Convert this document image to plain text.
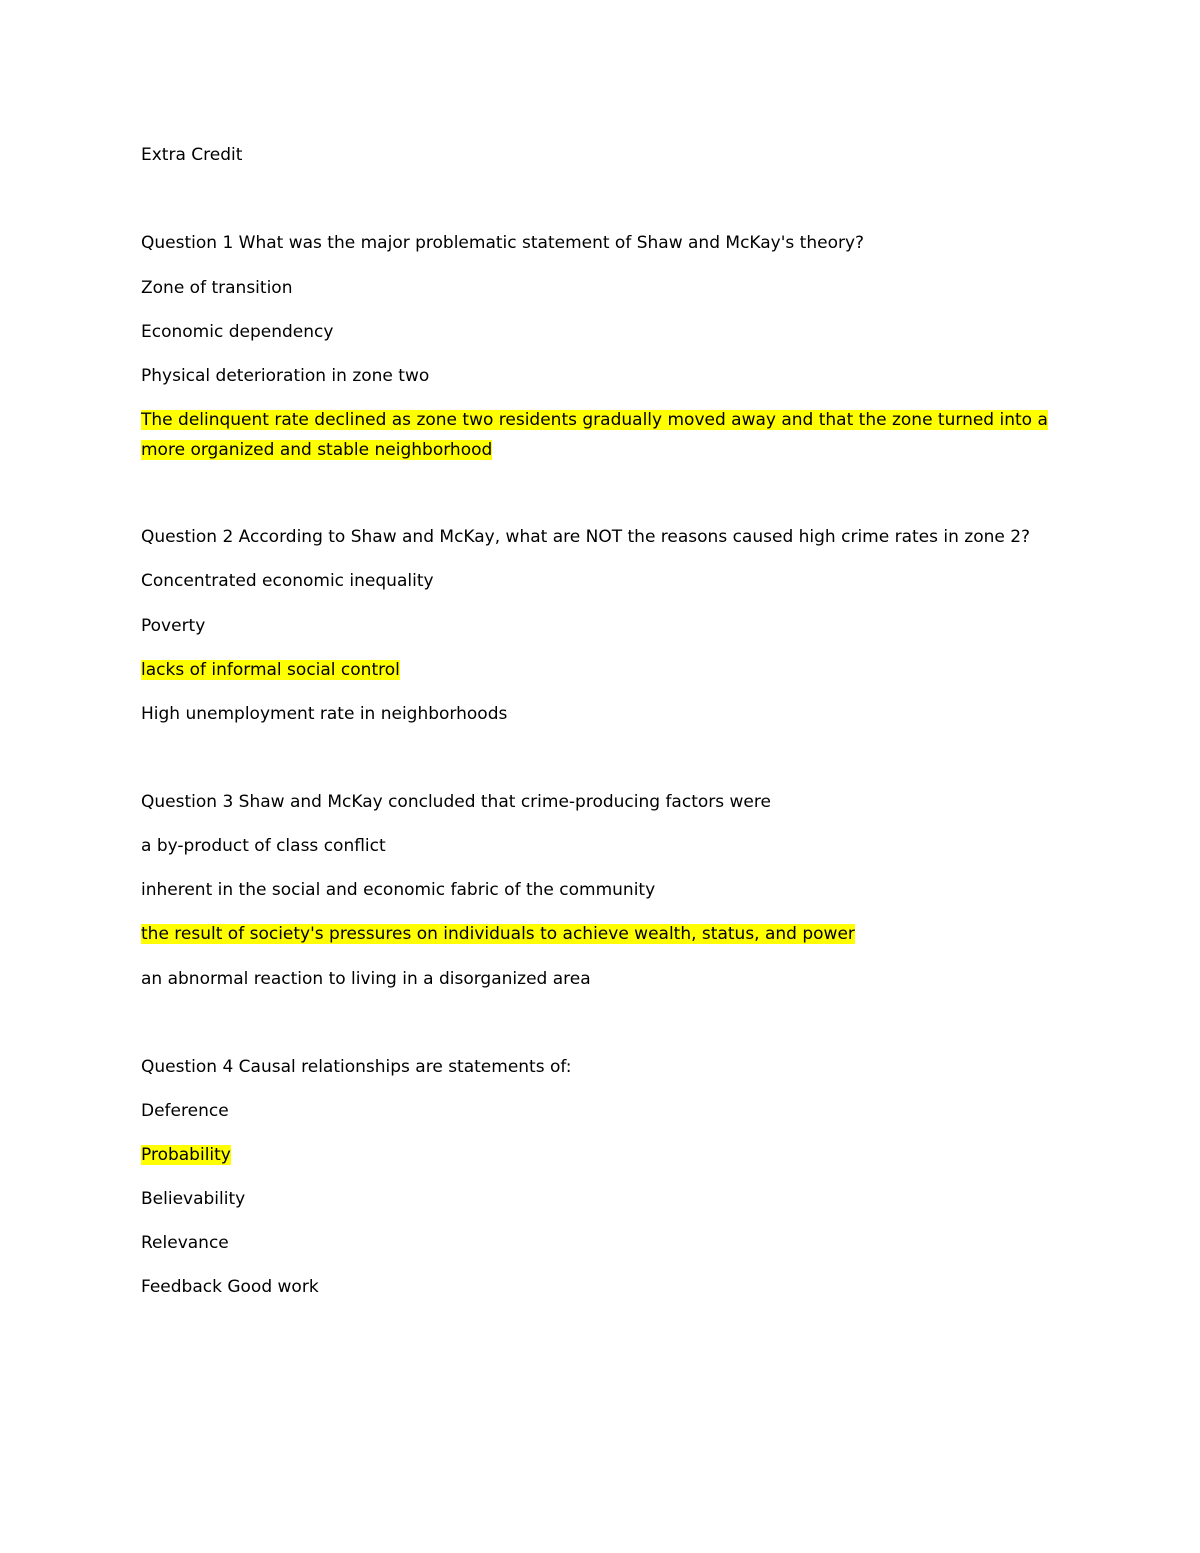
Extra Credit
Question 1 What was the major problematic statement of Shaw and McKay's theory?
Zone of transition
Economic dependency
Physical deterioration in zone two
The delinquent rate declined as zone two residents gradually moved away and that the zone turned into a more organized and stable neighborhood
Question 2 According to Shaw and McKay, what are NOT the reasons caused high crime rates in zone 2?
Concentrated economic inequality
Poverty
lacks of informal social control
High unemployment rate in neighborhoods
Question 3 Shaw and McKay concluded that crime-producing factors were
a by-product of class conflict
inherent in the social and economic fabric of the community
the result of society's pressures on individuals to achieve wealth, status, and power
an abnormal reaction to living in a disorganized area
Question 4 Causal relationships are statements of:
Deference
Probability
Believability
Relevance
Feedback Good work
